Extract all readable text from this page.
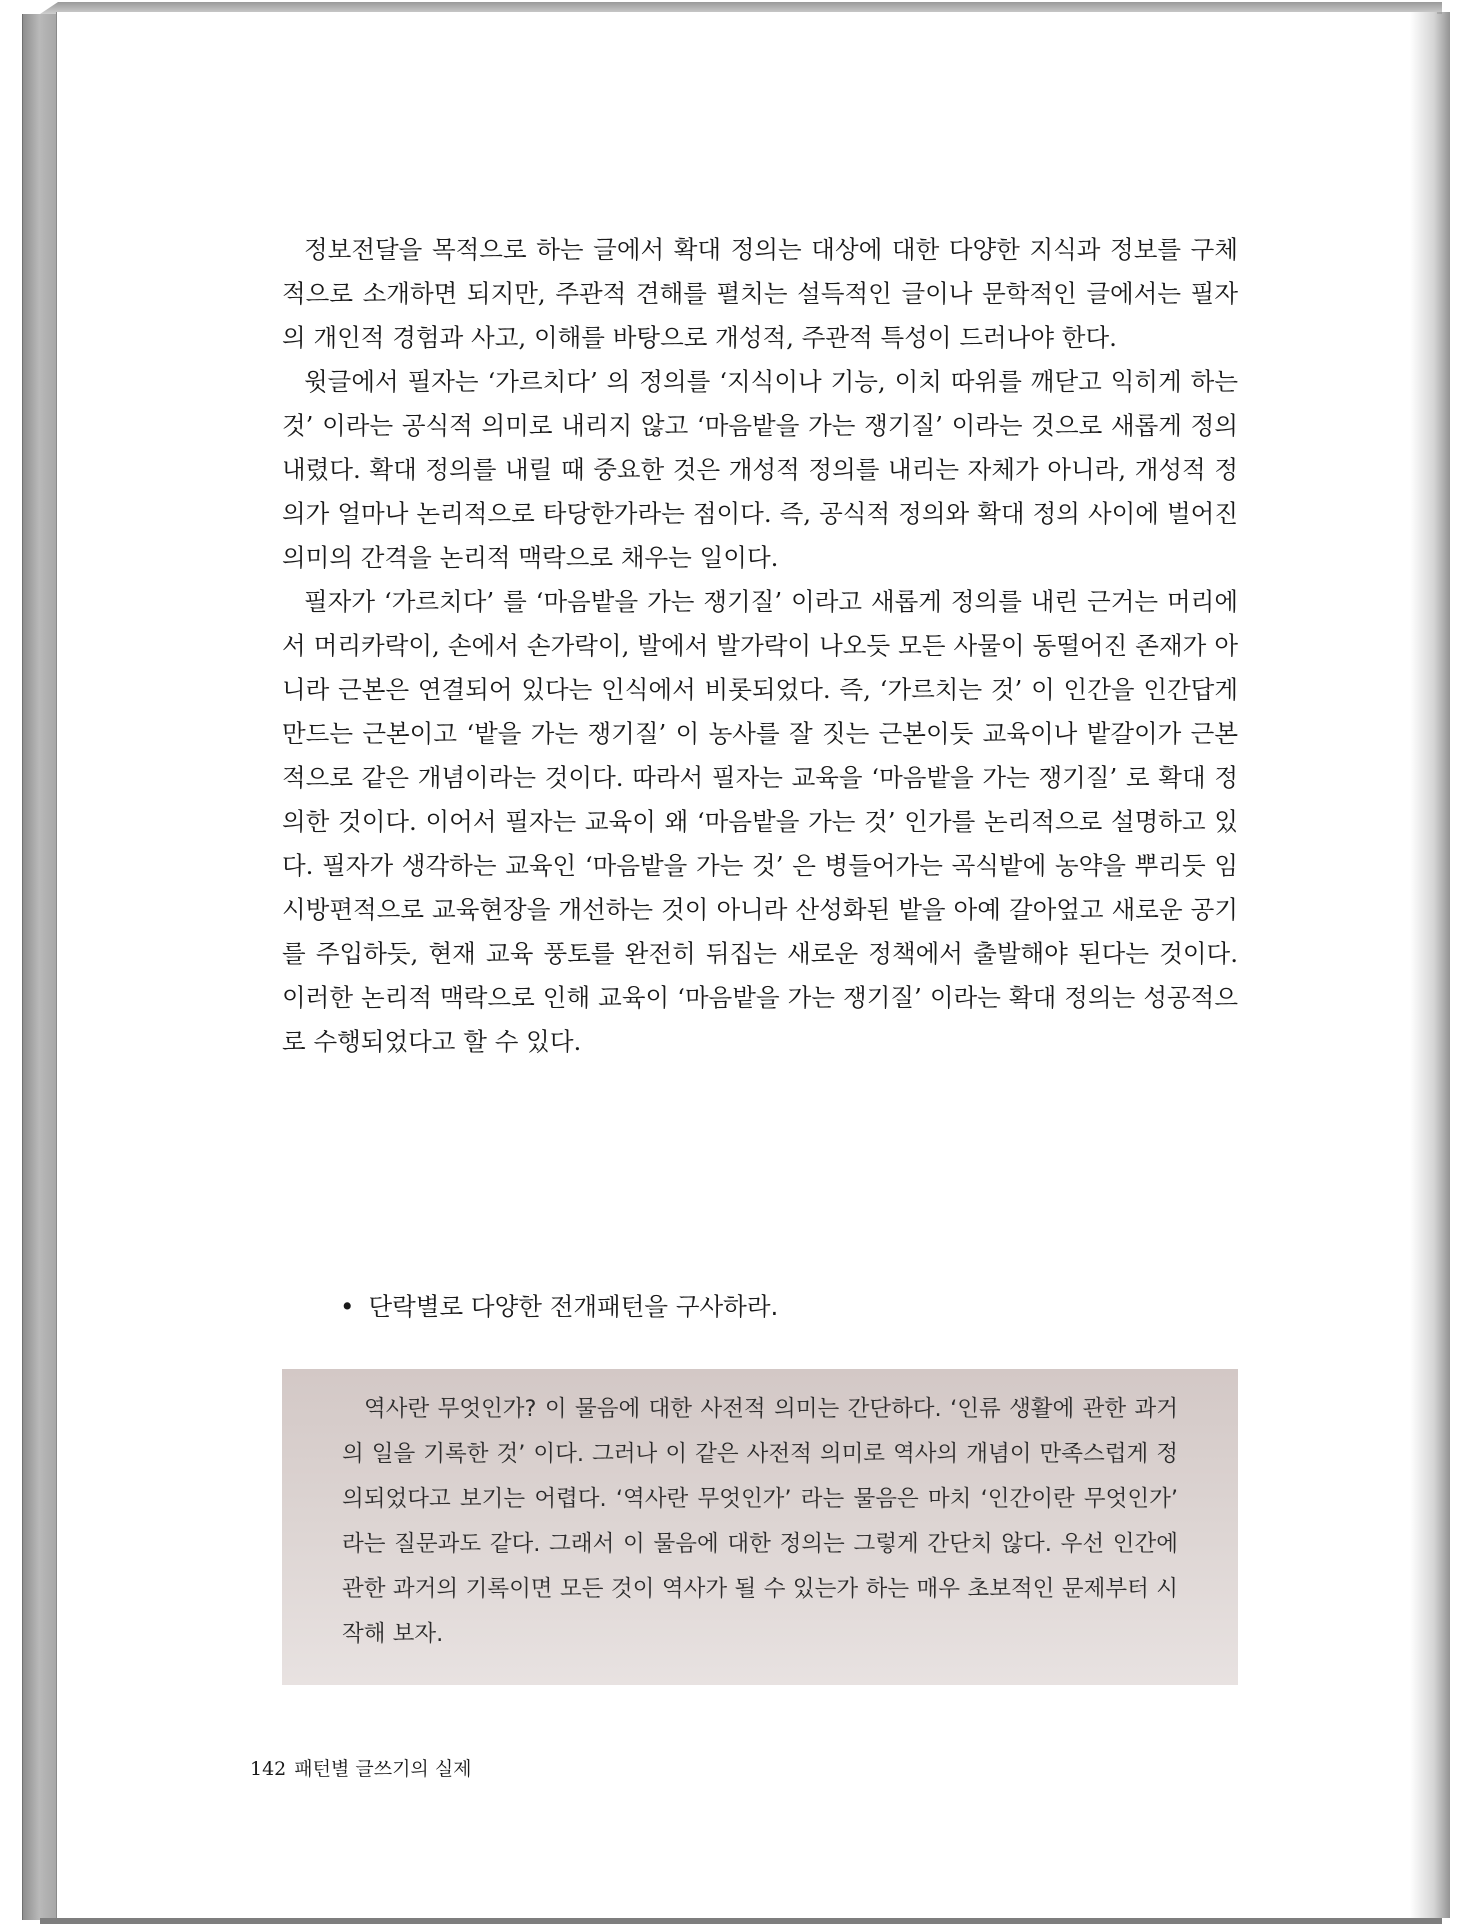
정보전달을 목적으로 하는 글에서 확대 정의는 대상에 대한 다양한 지식과 정보를 구체적으로 소개하면 되지만, 주관적 견해를 펼치는 설득적인 글이나 문학적인 글에서는 필자의 개인적 경험과 사고, 이해를 바탕으로 개성적, 주관적 특성이 드러나야 한다.

윗글에서 필자는 ‘가르치다’ 의 정의를 ‘지식이나 기능, 이치 따위를 깨닫고 익히게 하는 것’ 이라는 공식적 의미로 내리지 않고 ‘마음밭을 가는 쟁기질’ 이라는 것으로 새롭게 정의 내렸다. 확대 정의를 내릴 때 중요한 것은 개성적 정의를 내리는 자체가 아니라, 개성적 정의가 얼마나 논리적으로 타당한가라는 점이다. 즉, 공식적 정의와 확대 정의 사이에 벌어진 의미의 간격을 논리적 맥락으로 채우는 일이다.

필자가 ‘가르치다’ 를 ‘마음밭을 가는 쟁기질’ 이라고 새롭게 정의를 내린 근거는 머리에서 머리카락이, 손에서 손가락이, 발에서 발가락이 나오듯 모든 사물이 동떨어진 존재가 아니라 근본은 연결되어 있다는 인식에서 비롯되었다. 즉, ‘가르치는 것’ 이 인간을 인간답게 만드는 근본이고 ‘밭을 가는 쟁기질’ 이 농사를 잘 짓는 근본이듯 교육이나 밭갈이가 근본적으로 같은 개념이라는 것이다. 따라서 필자는 교육을 ‘마음밭을 가는 쟁기질’ 로 확대 정의한 것이다. 이어서 필자는 교육이 왜 ‘마음밭을 가는 것’ 인가를 논리적으로 설명하고 있다. 필자가 생각하는 교육인 ‘마음밭을 가는 것’ 은 병들어가는 곡식밭에 농약을 뿌리듯 임시방편적으로 교육현장을 개선하는 것이 아니라 산성화된 밭을 아예 갈아엎고 새로운 공기를 주입하듯, 현재 교육 풍토를 완전히 뒤집는 새로운 정책에서 출발해야 된다는 것이다. 이러한 논리적 맥락으로 인해 교육이 ‘마음밭을 가는 쟁기질’ 이라는 확대 정의는 성공적으로 수행되었다고 할 수 있다.

• 단락별로 다양한 전개패턴을 구사하라.

역사란 무엇인가? 이 물음에 대한 사전적 의미는 간단하다. ‘인류 생활에 관한 과거의 일을 기록한 것’ 이다. 그러나 이 같은 사전적 의미로 역사의 개념이 만족스럽게 정의되었다고 보기는 어렵다. ‘역사란 무엇인가’ 라는 물음은 마치 ‘인간이란 무엇인가’ 라는 질문과도 같다. 그래서 이 물음에 대한 정의는 그렇게 간단치 않다. 우선 인간에 관한 과거의 기록이면 모든 것이 역사가 될 수 있는가 하는 매우 초보적인 문제부터 시작해 보자.

142 패턴별 글쓰기의 실제
